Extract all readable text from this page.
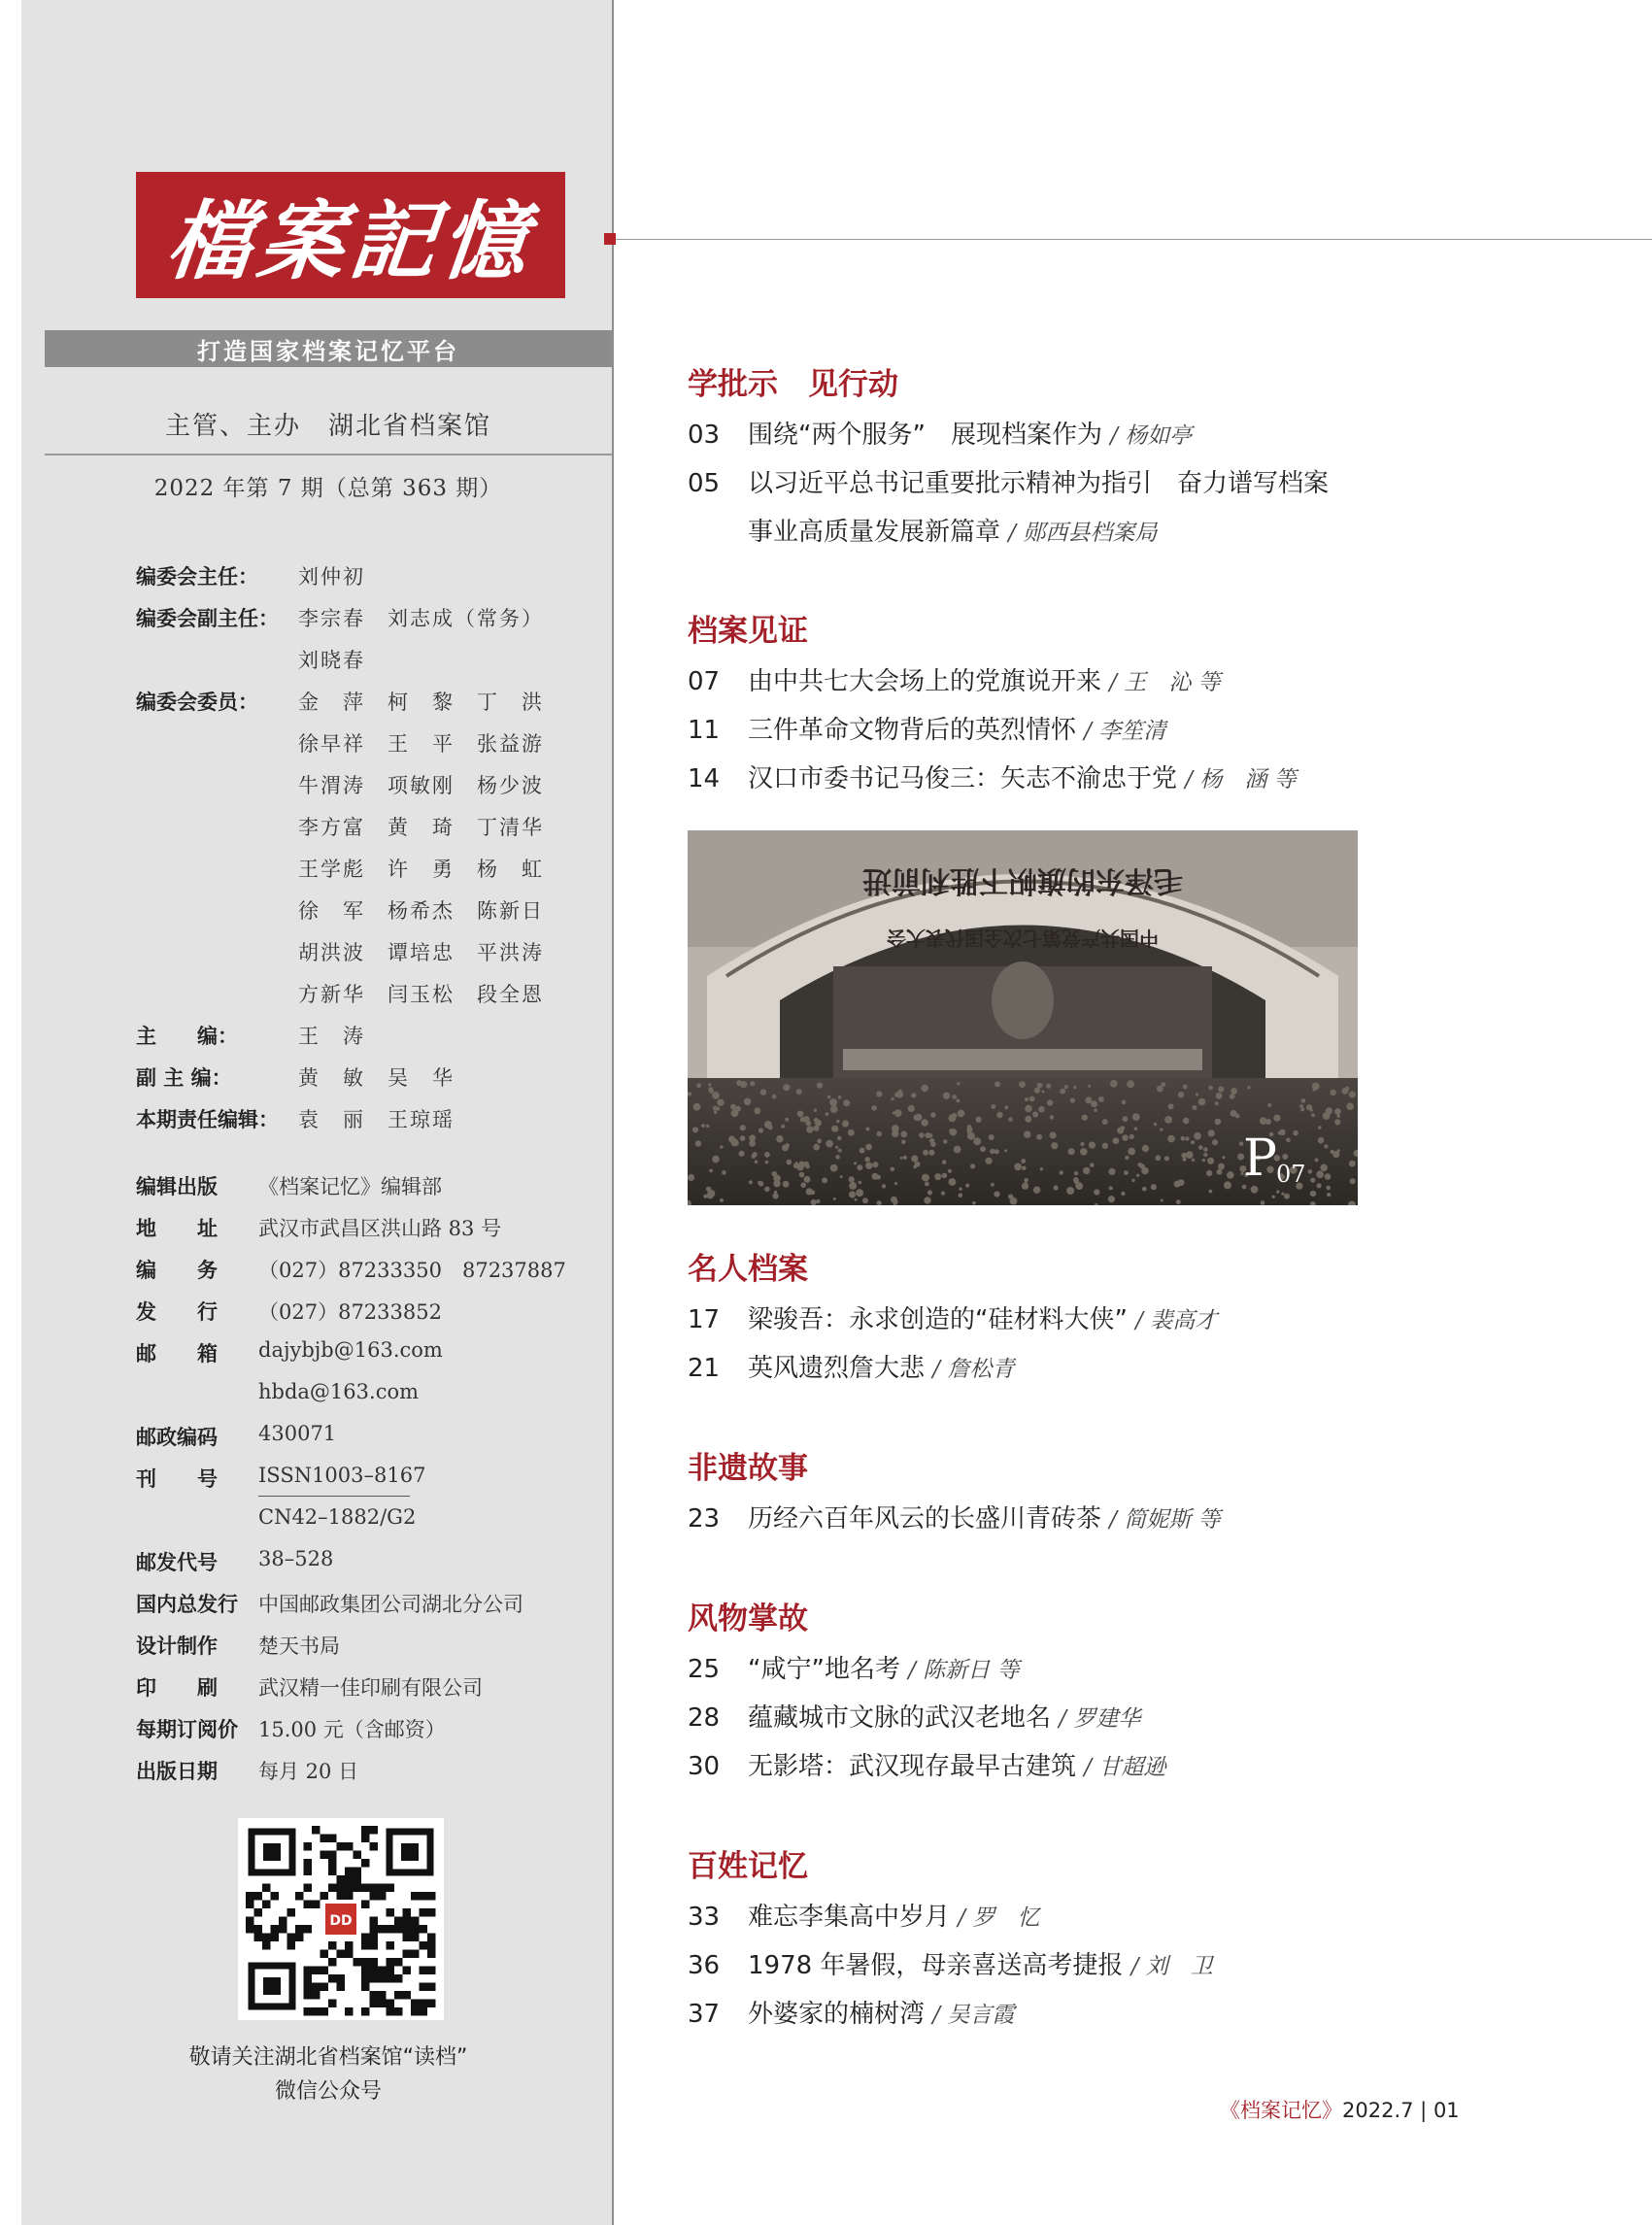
檔案記憶
打造国家档案记忆平台
主管、主办　湖北省档案馆
2022 年第 7 期（总第 363 期）
编委会主任： 刘仲初
编委会副主任： 李宗春　刘志成（常务）
刘晓春
编委会委员： 金　萍　柯　黎　丁　洪
徐早祥　王　平　张益游
牛渭涛　项敏刚　杨少波
李方富　黄　琦　丁清华
王学彪　许　勇　杨　虹
徐　军　杨希杰　陈新日
胡洪波　谭培忠　平洪涛
方新华　闫玉松　段全恩
主　　编：	王　涛
副 主 编：	黄　敏　吴　华
本期责任编辑： 袁　丽　王琼瑶
编辑出版 《档案记忆》编辑部
地　　址 武汉市武昌区洪山路 83 号
编　　务 （027）87233350　87237887
发　　行 （027）87233852
邮　　箱 dajybjb@163.com
hbda@163.com
邮政编码 430071
刊　　号 ISSN1003–8167
CN42–1882/G2
邮发代号 38–528
国内总发行 中国邮政集团公司湖北分公司
设计制作 楚天书局
印　　刷 武汉精一佳印刷有限公司
每期订阅价 15.00 元（含邮资）
出版日期 每月 20 日
DD
敬请关注湖北省档案馆“读档”
微信公众号
学批示　见行动
03 围绕“两个服务”　展现档案作为 / 杨如亭
05 以习近平总书记重要批示精神为指引　奋力谱写档案
事业高质量发展新篇章 / 郧西县档案局
档案见证
07 由中共七大会场上的党旗说开来 / 王　沁 等
11 三件革命文物背后的英烈情怀 / 李笙清
14 汉口市委书记马俊三：矢志不渝忠于党 / 杨　涵 等
毛泽东的旗帜下胜利前进
中国共产党第七次全国代表大会
P 07
名人档案
17 梁骏吾：永求创造的“硅材料大侠” / 裴高才
21 英风遗烈詹大悲 / 詹松青
非遗故事
23 历经六百年风云的长盛川青砖茶 / 简妮斯 等
风物掌故
25 “咸宁”地名考 / 陈新日 等
28 蕴藏城市文脉的武汉老地名 / 罗建华
30 无影塔：武汉现存最早古建筑 / 甘超逊
百姓记忆
33 难忘李集高中岁月 / 罗　忆
36 1978 年暑假，母亲喜送高考捷报 / 刘　卫
37 外婆家的楠树湾 / 吴言霞
《档案记忆》2022.7 | 01
